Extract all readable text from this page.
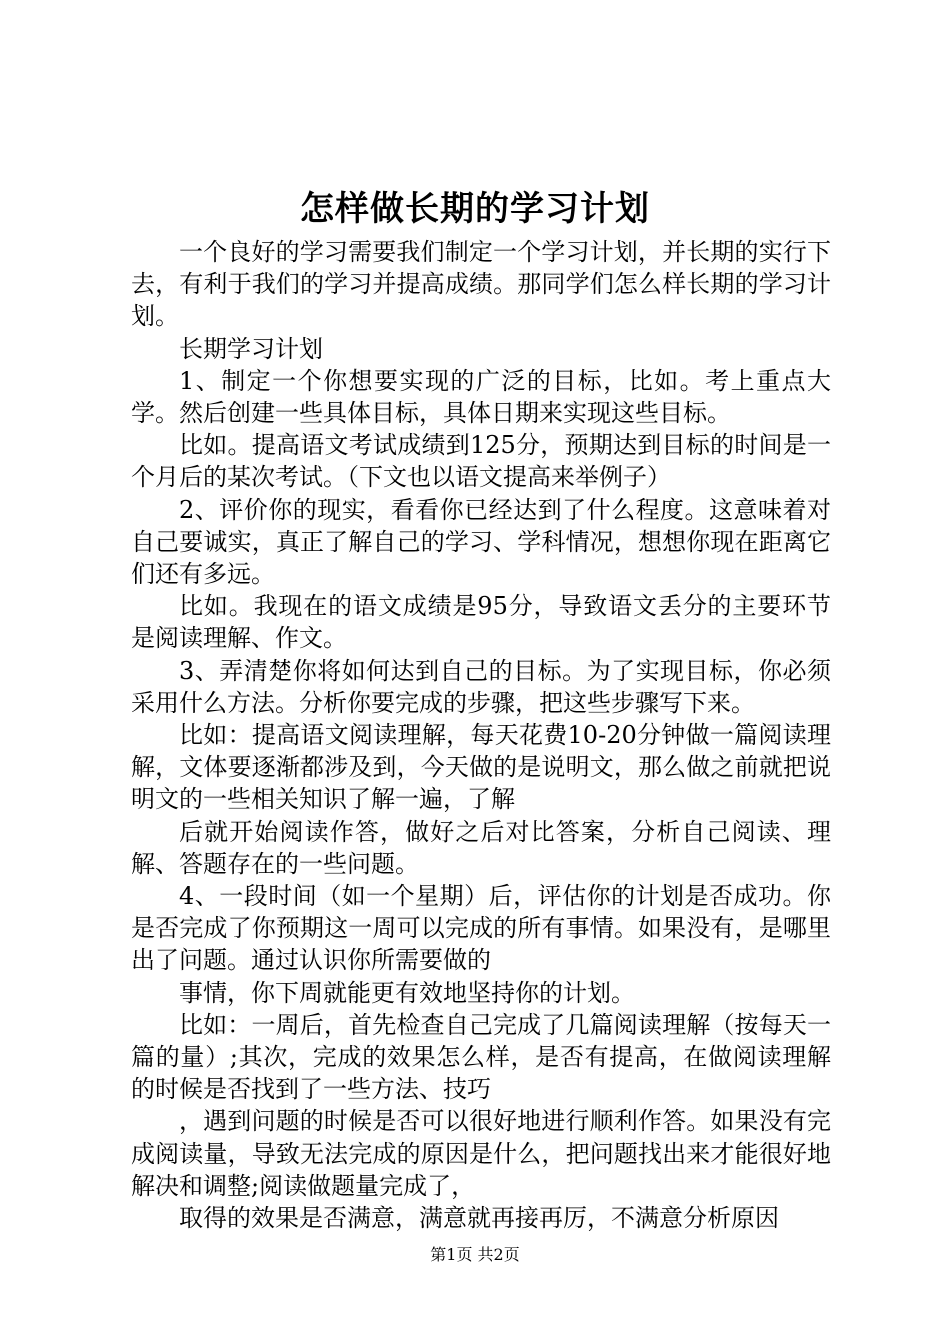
怎样做长期的学习计划

一个良好的学习需要我们制定一个学习计划，并长期的实行下去，有利于我们的学习并提高成绩。那同学们怎么样长期的学习计划。

长期学习计划

1、制定一个你想要实现的广泛的目标，比如。考上重点大学。然后创建一些具体目标，具体日期来实现这些目标。

比如。提高语文考试成绩到125分，预期达到目标的时间是一个月后的某次考试。（下文也以语文提高来举例子）

2、评价你的现实，看看你已经达到了什么程度。这意味着对自己要诚实，真正了解自己的学习、学科情况，想想你现在距离它们还有多远。

比如。我现在的语文成绩是95分，导致语文丢分的主要环节是阅读理解、作文。

3、弄清楚你将如何达到自己的目标。为了实现目标，你必须采用什么方法。分析你要完成的步骤，把这些步骤写下来。

比如：提高语文阅读理解，每天花费10-20分钟做一篇阅读理解，文体要逐渐都涉及到，今天做的是说明文，那么做之前就把说明文的一些相关知识了解一遍，了解

后就开始阅读作答，做好之后对比答案，分析自己阅读、理解、答题存在的一些问题。

4、一段时间（如一个星期）后，评估你的计划是否成功。你是否完成了你预期这一周可以完成的所有事情。如果没有，是哪里出了问题。通过认识你所需要做的

事情，你下周就能更有效地坚持你的计划。

比如：一周后，首先检查自己完成了几篇阅读理解（按每天一篇的量）;其次，完成的效果怎么样，是否有提高，在做阅读理解的时候是否找到了一些方法、技巧

，遇到问题的时候是否可以很好地进行顺利作答。如果没有完成阅读量，导致无法完成的原因是什么，把问题找出来才能很好地解决和调整;阅读做题量完成了，

取得的效果是否满意，满意就再接再厉，不满意分析原因

第1页 共2页
